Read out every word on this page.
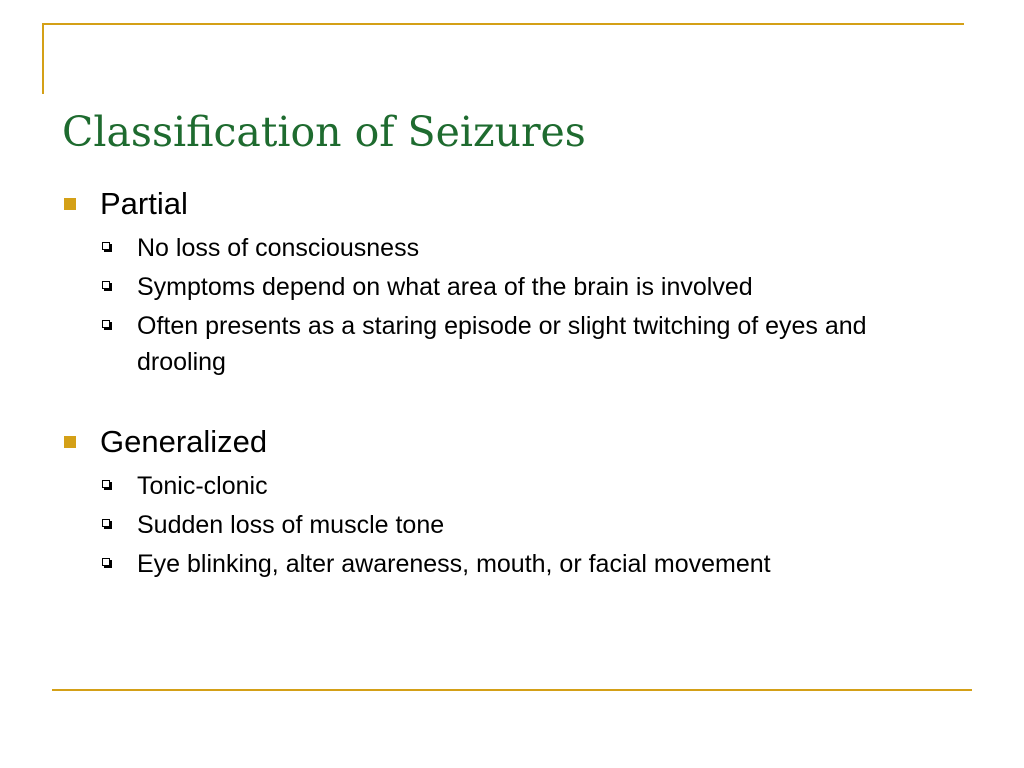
Classification of Seizures
Partial
No loss of consciousness
Symptoms depend on what area of the brain is involved
Often presents as a staring episode or slight twitching of eyes and drooling
Generalized
Tonic-clonic
Sudden loss of muscle tone
Eye blinking, alter awareness, mouth, or facial movement
